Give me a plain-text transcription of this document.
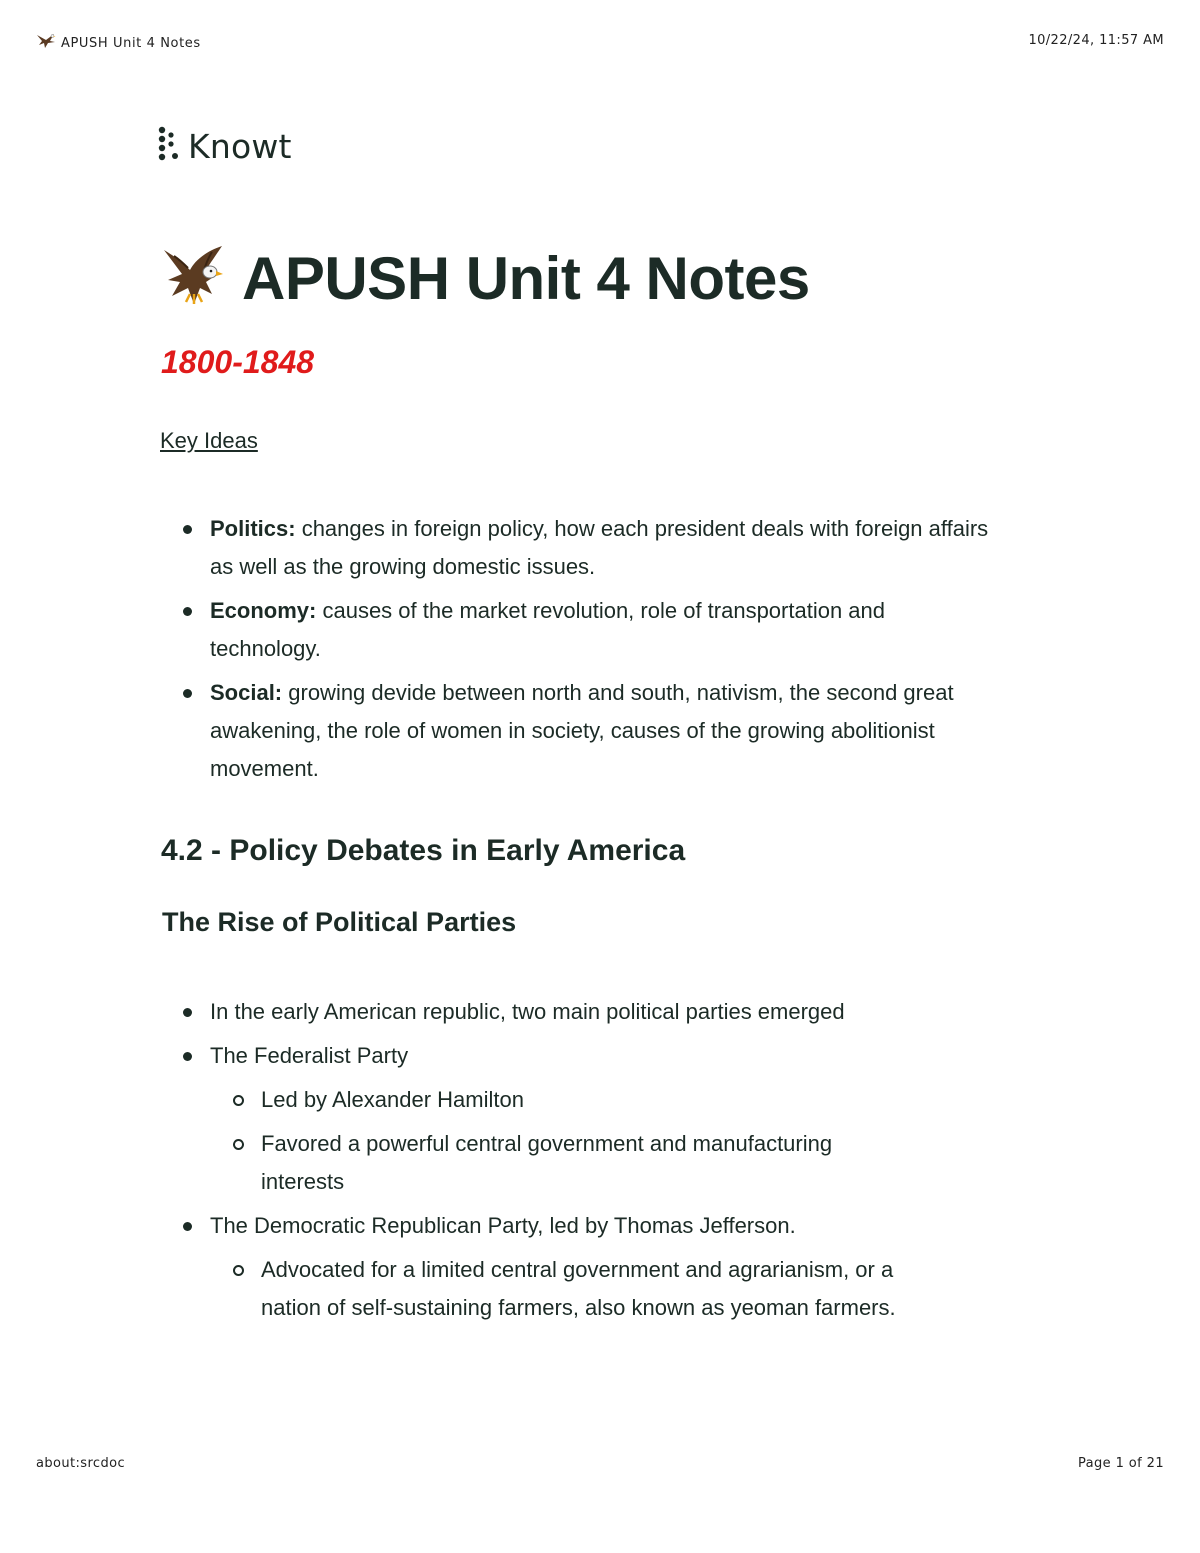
APUSH Unit 4 Notes	10/22/24, 11:57 AM
Knowt
APUSH Unit 4 Notes
1800-1848
Key Ideas
Politics: changes in foreign policy, how each president deals with foreign affairs as well as the growing domestic issues.
Economy: causes of the market revolution, role of transportation and technology.
Social: growing devide between north and south, nativism, the second great awakening, the role of women in society, causes of the growing abolitionist movement.
4.2 - Policy Debates in Early America
The Rise of Political Parties
In the early American republic, two main political parties emerged
The Federalist Party
Led by Alexander Hamilton
Favored a powerful central government and manufacturing interests
The Democratic Republican Party, led by Thomas Jefferson.
Advocated for a limited central government and agrarianism, or a nation of self-sustaining farmers, also known as yeoman farmers.
about:srcdoc	Page 1 of 21
